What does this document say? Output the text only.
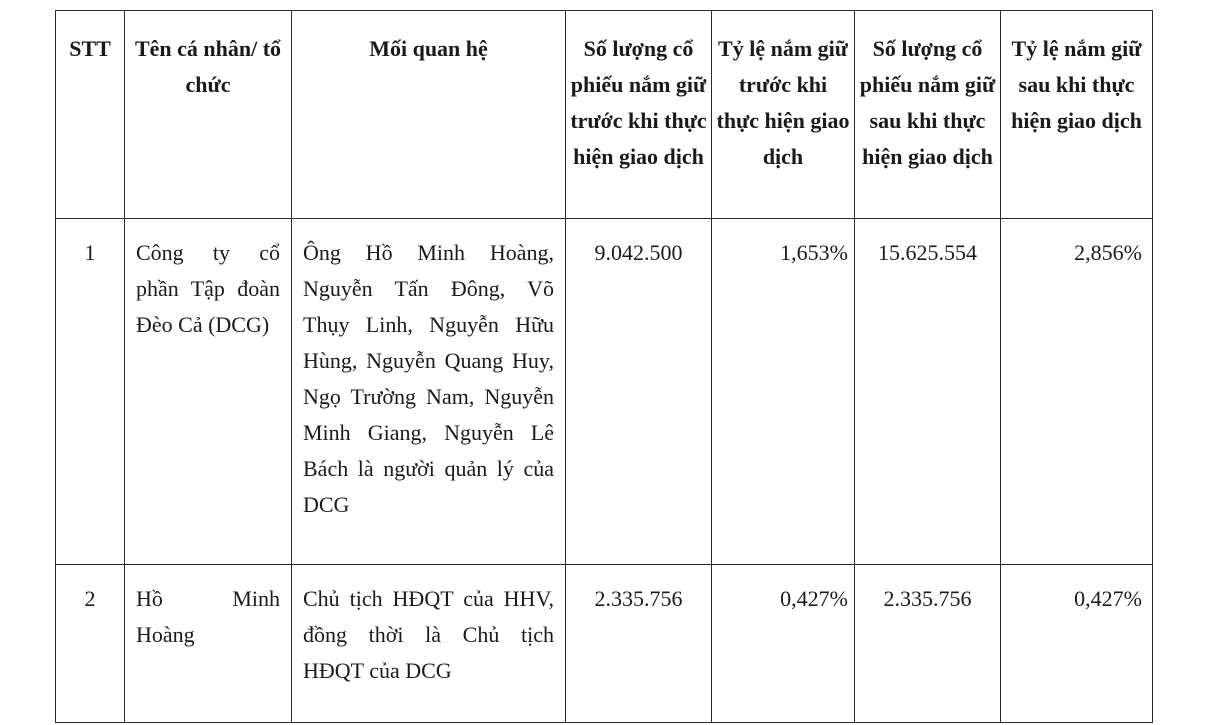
STT	Tên cá nhân/ tổ chức	Mối quan hệ	Số lượng cổ phiếu nắm giữ trước khi thực hiện giao dịch	Tỷ lệ nắm giữ trước khi thực hiện giao dịch	Số lượng cổ phiếu nắm giữ sau khi thực hiện giao dịch	Tỷ lệ nắm giữ sau khi thực hiện giao dịch
1	Công ty cổ phần Tập đoàn Đèo Cả (DCG)	Ông Hồ Minh Hoàng, Nguyễn Tấn Đông, Võ Thụy Linh, Nguyễn Hữu Hùng, Nguyễn Quang Huy, Ngọ Trường Nam, Nguyễn Minh Giang, Nguyễn Lê Bách là người quản lý của DCG	9.042.500	1,653%	15.625.554	2,856%
2	Hồ Minh Hoàng	Chủ tịch HĐQT của HHV, đồng thời là Chủ tịch HĐQT của DCG	2.335.756	0,427%	2.335.756	0,427%
